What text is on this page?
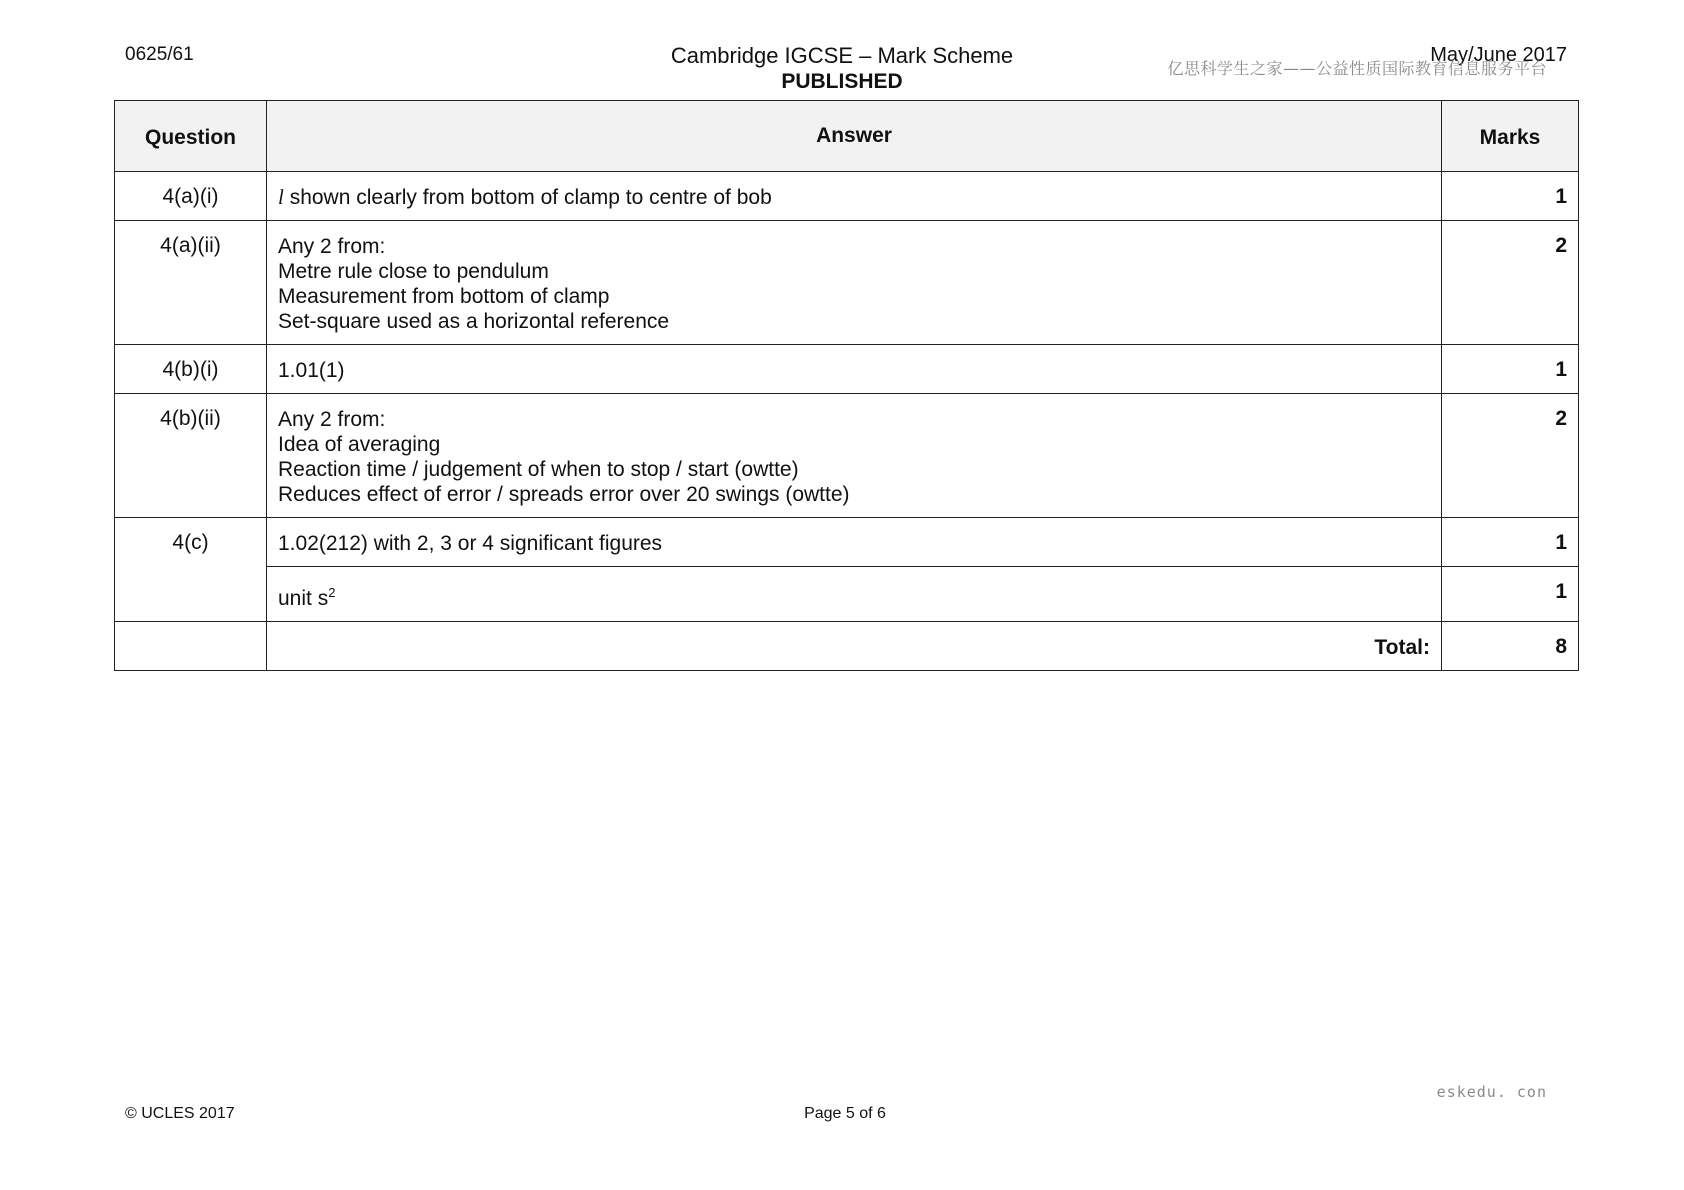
0625/61	Cambridge IGCSE – Mark Scheme
PUBLISHED
May/June 2017
亿思科学生之家——公益性质国际教育信息服务平台
Question	Answer	Marks
4(a)(i)	l shown clearly from bottom of clamp to centre of bob	1
4(a)(ii)	Any 2 from:
Metre rule close to pendulum
Measurement from bottom of clamp
Set-square used as a horizontal reference	2
4(b)(i)	1.01(1)	1
4(b)(ii)	Any 2 from:
Idea of averaging
Reaction time / judgement of when to stop / start (owtte)
Reduces effect of error / spreads error over 20 swings (owtte)	2
4(c)	1.02(212) with 2, 3 or 4 significant figures	1
	unit $s^2$	1
	Total:	8
eskedu. con
© UCLES 2017	Page 5 of 6
